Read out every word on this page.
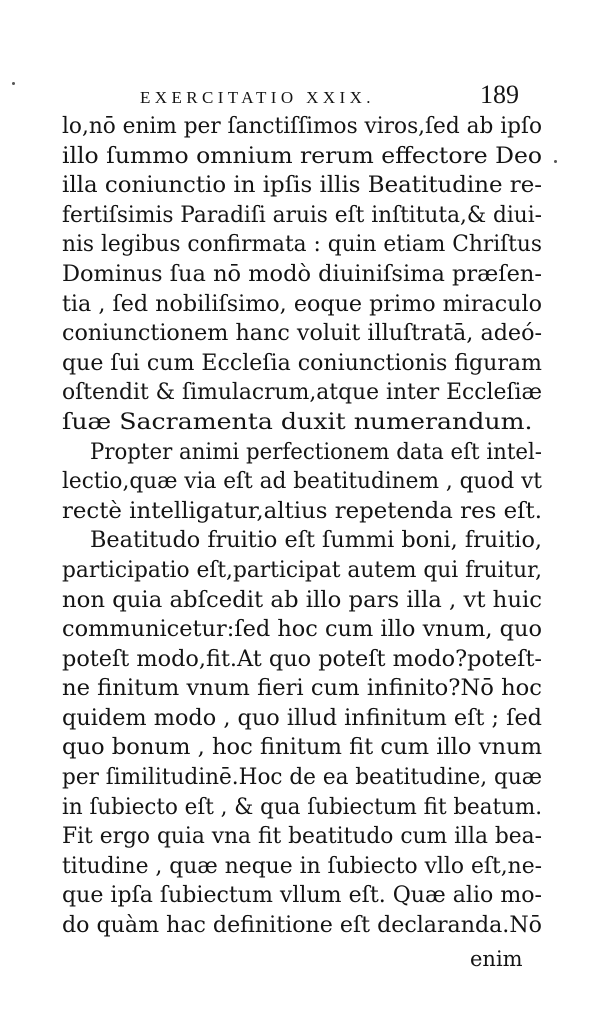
EXERCITATIO XXIX.	189
lo,nō enim per ſanctiſſimos viros,ſed ab ipſo
illo ſummo omnium rerum effectore Deo
illa coniunctio in ipſis illis Beatitudine re-
fertiſsimis Paradiſi aruis eſt inſtituta,& diui-
nis legibus confirmata : quin etiam Chriſtus
Dominus ſua nō modò diuiniſsima præſen-
tia , ſed nobiliſsimo, eoque primo miraculo
coniunctionem hanc voluit illuſtratā, adeó-
que ſui cum Eccleſia coniunctionis figuram
oſtendit & ſimulacrum,atque inter Eccleſiæ
ſuæ Sacramenta duxit numerandum.
Propter animi perfectionem data eſt intel-
lectio,quæ via eſt ad beatitudinem , quod vt
rectè intelligatur,altius repetenda res eſt.
Beatitudo fruitio eſt ſummi boni, fruitio,
participatio eſt,participat autem qui fruitur,
non quia abſcedit ab illo pars illa , vt huic
communicetur:ſed hoc cum illo vnum, quo
poteſt modo,fit.At quo poteſt modo?poteſt-
ne finitum vnum fieri cum infinito?Nō hoc
quidem modo , quo illud infinitum eſt ; ſed
quo bonum , hoc finitum fit cum illo vnum
per ſimilitudinē.Hoc de ea beatitudine, quæ
in ſubiecto eſt , & qua ſubiectum fit beatum.
Fit ergo quia vna fit beatitudo cum illa bea-
titudine , quæ neque in ſubiecto vllo eſt,ne-
que ipſa ſubiectum vllum eſt. Quæ alio mo-
do quàm hac definitione eſt declaranda.Nō
enim
